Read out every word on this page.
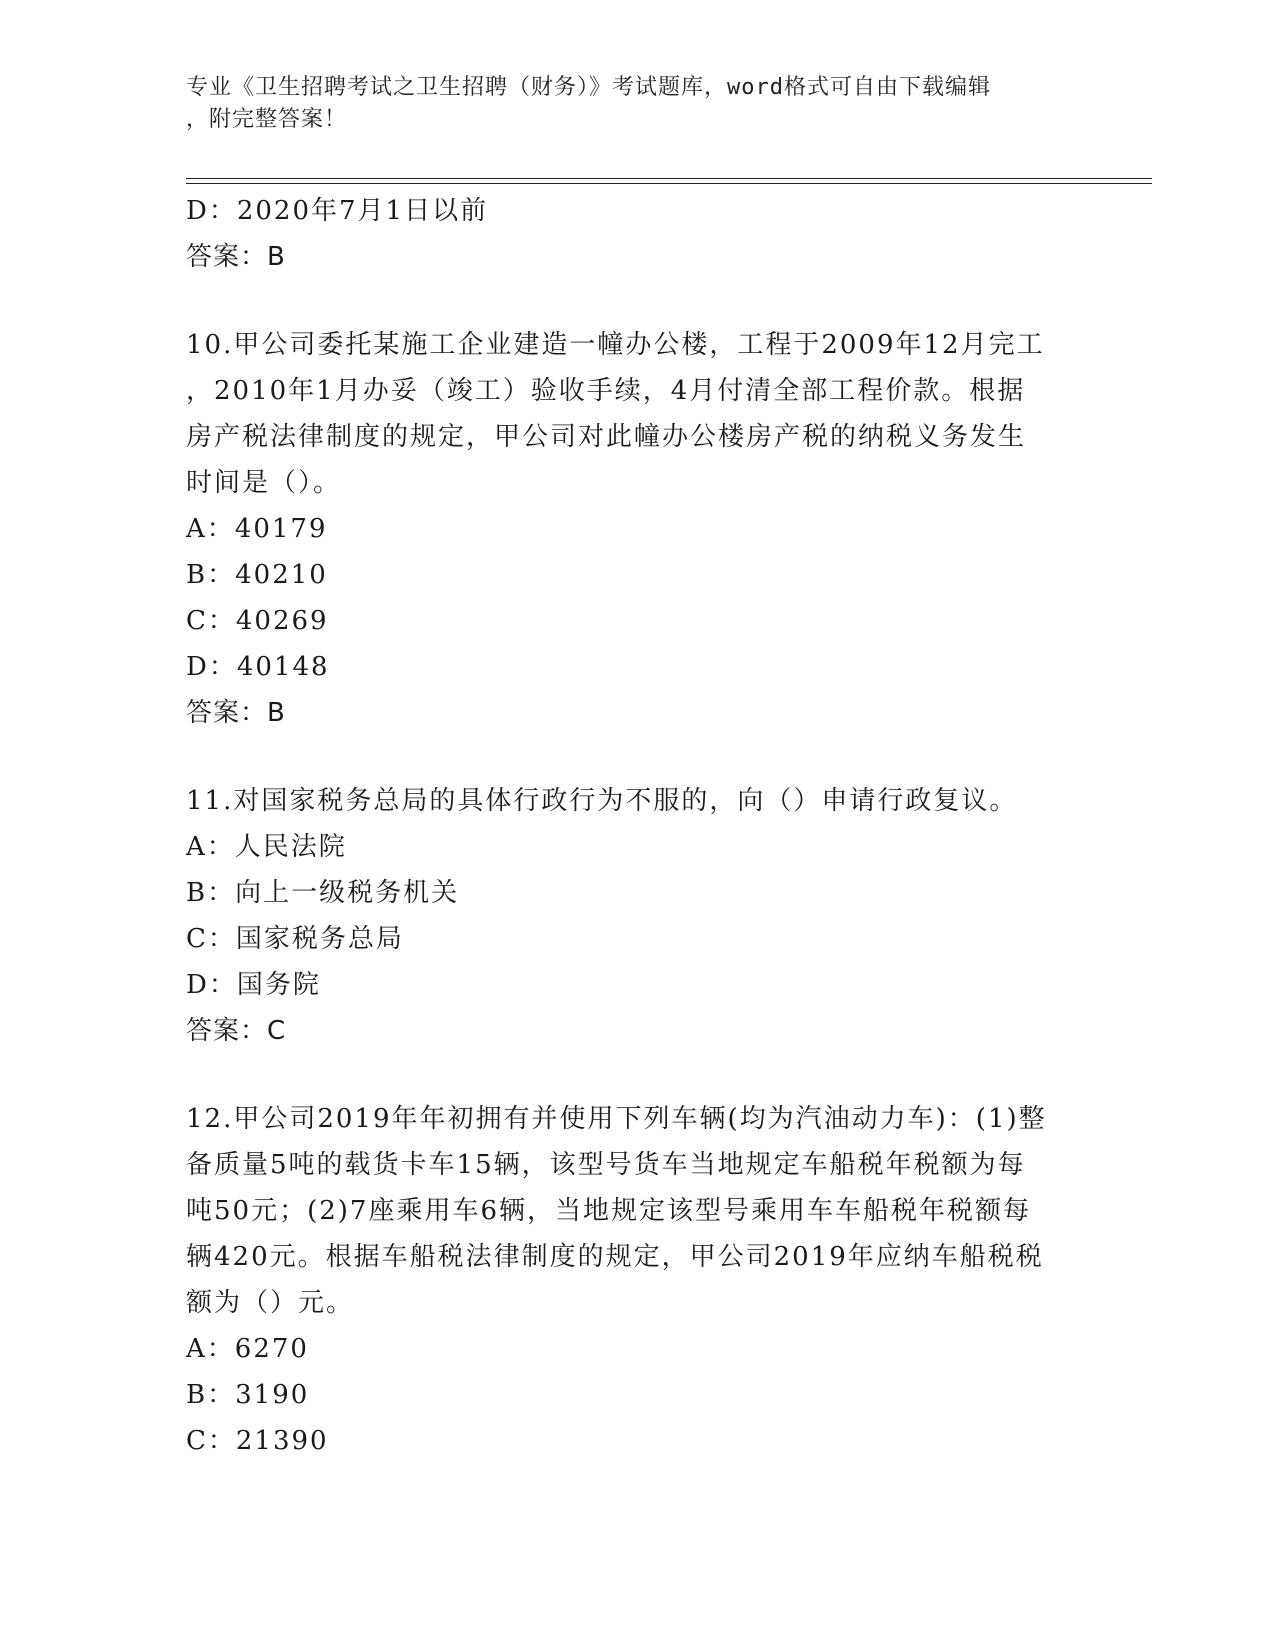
专业《卫生招聘考试之卫生招聘（财务）》考试题库，word格式可自由下载编辑
，附完整答案！
D：2020年7月1日以前
答案：B
10.甲公司委托某施工企业建造一幢办公楼，工程于2009年12月完工
，2010年1月办妥（竣工）验收手续，4月付清全部工程价款。根据
房产税法律制度的规定，甲公司对此幢办公楼房产税的纳税义务发生
时间是（）。
A：40179
B：40210
C：40269
D：40148
答案：B
11.对国家税务总局的具体行政行为不服的，向（）申请行政复议。
A：人民法院
B：向上一级税务机关
C：国家税务总局
D：国务院
答案：C
12.甲公司2019年年初拥有并使用下列车辆(均为汽油动力车)：(1)整
备质量5吨的载货卡车15辆，该型号货车当地规定车船税年税额为每
吨50元；(2)7座乘用车6辆，当地规定该型号乘用车车船税年税额每
辆420元。根据车船税法律制度的规定，甲公司2019年应纳车船税税
额为（）元。
A：6270
B：3190
C：21390
